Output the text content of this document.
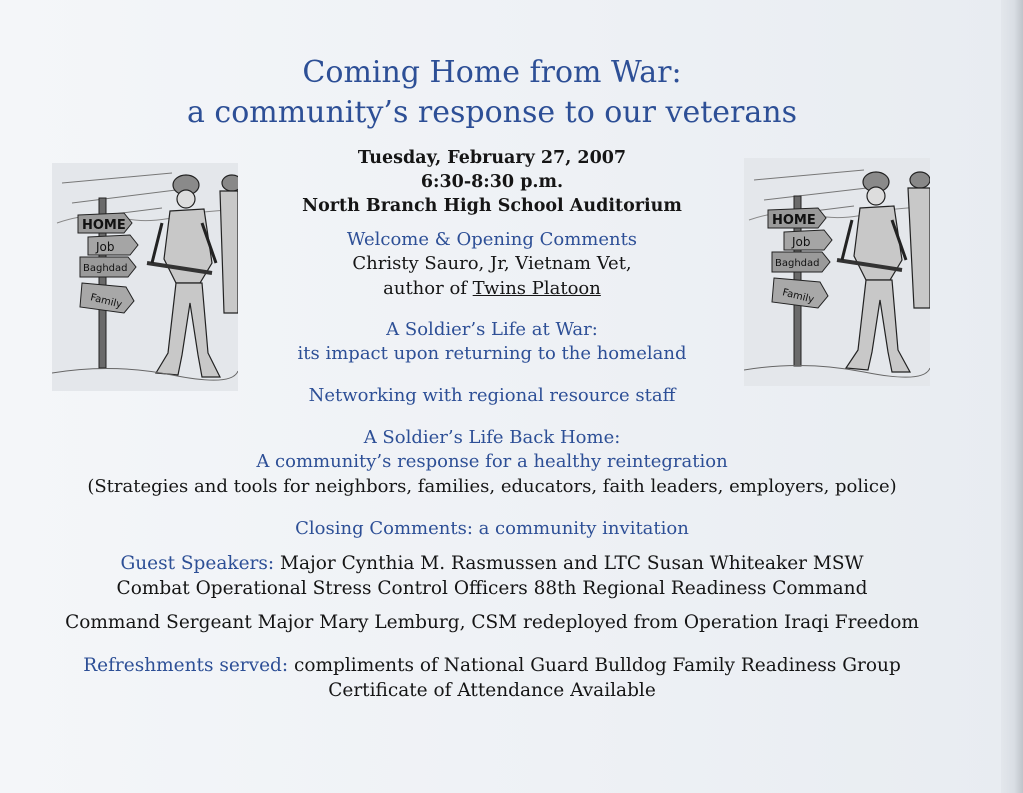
Coming Home from War:
a community’s response to our veterans
Tuesday, February 27, 2007
6:30-8:30 p.m.
North Branch High School Auditorium
Welcome & Opening Comments
Christy Sauro, Jr, Vietnam Vet,
author of Twins Platoon
A Soldier’s Life at War:
its impact upon returning to the homeland
Networking with regional resource staff
A Soldier’s Life Back Home:
A community’s response for a healthy reintegration
(Strategies and tools for neighbors, families, educators, faith leaders, employers, police)
Closing Comments: a community invitation
Guest Speakers: Major Cynthia M. Rasmussen and LTC Susan Whiteaker MSW
Combat Operational Stress Control Officers 88th Regional Readiness Command
Command Sergeant Major Mary Lemburg, CSM redeployed from Operation Iraqi Freedom
Refreshments served: compliments of National Guard Bulldog Family Readiness Group
Certificate of Attendance Available
HOME
Job
Baghdad
Family
HOME
Job
Baghdad
Family
